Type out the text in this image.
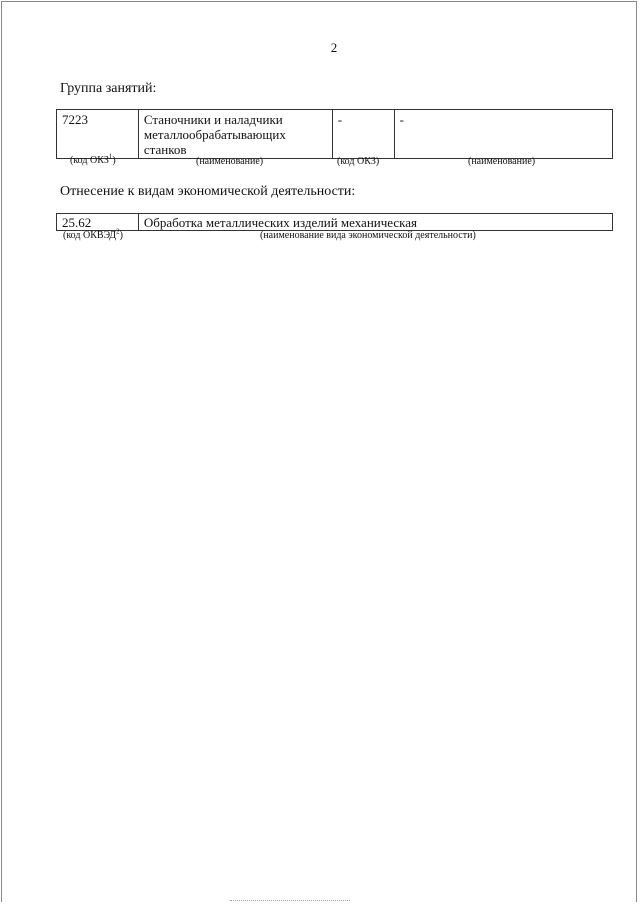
2
Группа занятий:
7223	Станочники и наладчики металлообрабатывающих станков	-	-
(код ОКЗ$^1$)	(наименование)	(код ОКЗ)	(наименование)
Отнесение к видам экономической деятельности:
25.62	Обработка металлических изделий механическая
(код ОКВЭД$^2$)	(наименование вида экономической деятельности)
